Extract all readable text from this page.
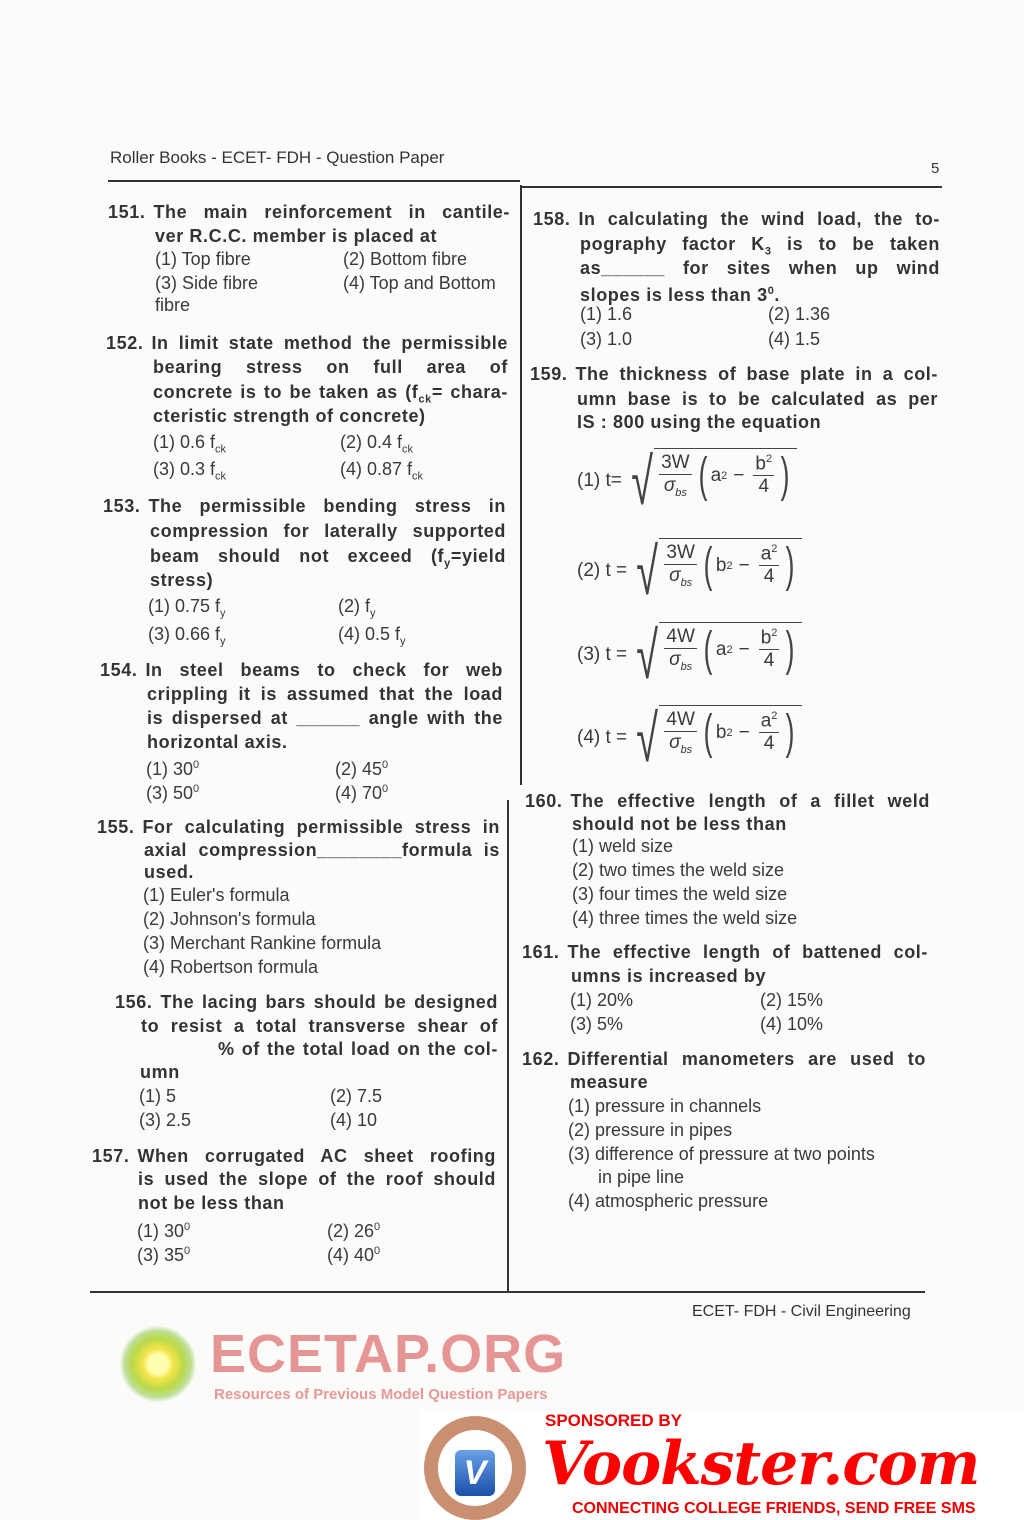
Roller Books - ECET- FDH - Question Paper
5
ECET- FDH - Civil Engineering
151. The main reinforcement in cantile-
ver R.C.C. member is placed at
(1) Top fibre	(2) Bottom fibre
(3) Side fibre	(4) Top and Bottom
fibre
152. In limit state method the permissible
bearing stress on full area of
concrete is to be taken as ($f_{ck}=$ chara-
cteristic strength of concrete)
(1) 0.6 $f_{ck}$	(2) 0.4 $f_{ck}$
(3) 0.3 $f_{ck}$	(4) 0.87 $f_{ck}$
153. The permissible bending stress in
compression for laterally supported
beam should not exceed ($f_y=yield$
stress)
(1) 0.75 $f_y$	(2) $f_y$
(3) 0.66 $f_y$	(4) 0.5 $f_y$
154. In steel beams to check for web
crippling it is assumed that the load
is dispersed at ______ angle with the
horizontal axis.
(1) $30^0$	(2) $45^0$
(3) $50^0$	(4) $70^0$
155. For calculating permissible stress in
axial compression________formula is
used.
(1) Euler's formula
(2) Johnson's formula
(3) Merchant Rankine formula
(4) Robertson formula
156. The lacing bars should be designed
to resist a total transverse shear of
% of the total load on the col-
umn
(1) 5	(2) 7.5
(3) 2.5	(4) 10
157. When corrugated AC sheet roofing
is used the slope of the roof should
not be less than
(1) $30^0$	(2) $26^0$
(3) $35^0$	(4) $40^0$
158. In calculating the wind load, the to-
pography factor $K_3$ is to be taken
as______ for sites when up wind
slopes is less than $3^0$.
(1) 1.6	(2) 1.36
(3) 1.0	(4) 1.5
159. The thickness of base plate in a col-
umn base is to be calculated as per
IS : 800 using the equation
(1) t= √ $\frac{3W}{\sigma_{bs}}$ ( a $2 - \frac{b^2}{4}$ )
(2) t = √ $\frac{3W}{\sigma_{bs}}$ ( b $2 - \frac{a^2}{4}$ )
(3) t = √ $\frac{4W}{\sigma_{bs}}$ ( a $2 - \frac{b^2}{4}$ )
(4) t = √ $\frac{4W}{\sigma_{bs}}$ ( b $2 - \frac{a^2}{4}$ )
160. The effective length of a fillet weld
should not be less than
(1) weld size
(2) two times the weld size
(3) four times the weld size
(4) three times the weld size
161. The effective length of battened col-
umns is increased by
(1) 20%	(2) 15%
(3) 5%	(4) 10%
162. Differential manometers are used to
measure
(1) pressure in channels
(2) pressure in pipes
(3) difference of pressure at two points
in pipe line
(4) atmospheric pressure
ECETAP.ORG
Resources of Previous Model Question Papers
V
SPONSORED BY
Vookster.com
CONNECTING COLLEGE FRIENDS, SEND FREE SMS
